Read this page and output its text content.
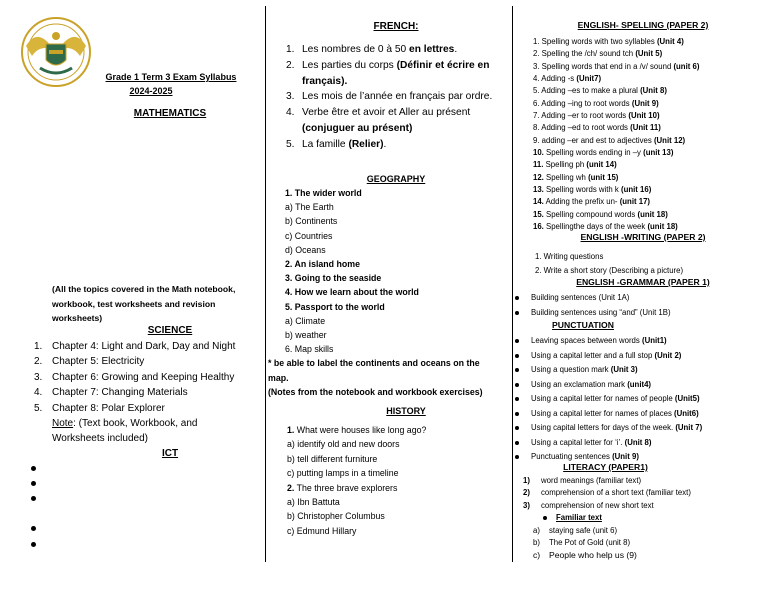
Grade 1 Term 3 Exam Syllabus
2024-2025
MATHEMATICS
(All the topics covered in the Math notebook,
workbook, test worksheets and revision
worksheets)
SCIENCE
1. Chapter 4: Light and Dark, Day and Night
2. Chapter 5: Electricity
3. Chapter 6: Growing and Keeping Healthy
4. Chapter 7: Changing Materials
5. Chapter 8: Polar Explorer
Note : (Text book, Workbook, and
Worksheets included)
ICT
FRENCH:
1. Les nombres de 0 à 50 en lettres .
2. Les parties du corps (Définir et écrire en
français).
3. Les mois de l’année en français par ordre.
4. Verbe être et avoir et Aller au présent
(conjuguer au présent)
5. La famille (Relier) .
GEOGRAPHY
1. The wider world
a) The Earth
b) Continents
c) Countries
d) Oceans
2. An island home
3. Going to the seaside
4. How we learn about the world
5. Passport to the world
a) Climate
b) weather
6. Map skills
* be able to label the continents and oceans on the
map.
(Notes from the notebook and workbook exercises)
HISTORY
1. What were houses like long ago?
a) identify old and new doors
b) tell different furniture
c) putting lamps in a timeline
2. The three brave explorers
a) Ibn Battuta
b) Christopher Columbus
c) Edmund Hillary
ENGLISH- SPELLING (PAPER 2)
1. Spelling words with two syllables (Unit 4)
2. Spelling the /ch/ sound tch (Unit 5)
3. Spelling words that end in a /v/ sound (unit 6)
4. Adding -s (Unit7)
5. Adding –es to make a plural (Unit 8)
6. Adding –ing to root words (Unit 9)
7. Adding –er to root words (Unit 10)
8. Adding –ed to root words (Unit 11)
9. adding –er and est to adjectives (Unit 12)
10. Spelling words ending in –y (unit 13)
11. Spelling ph (unit 14)
12. Spelling wh (unit 15)
13. Spelling words with k (unit 16)
14. Adding the prefix un- (unit 17)
15. Spelling compound words (unit 18)
16. Spellingthe days of the week (unit 18)
ENGLISH -WRITING (PAPER 2)
1. Writing questions
2. Write a short story (Describing a picture)
ENGLISH -GRAMMAR (PAPER 1)
Building sentences (Unit 1A)
Building sentences using “and” (Unit 1B)
PUNCTUATION
Leaving spaces between words (Unit1)
Using a capital letter and a full stop (Unit 2)
Using a question mark (Unit 3)
Using an exclamation mark (unit4)
Using a capital letter for names of people (Unit5)
Using a capital letter for names of places (Unit6)
Using capital letters for days of the week. (Unit 7)
Using a capital letter for ‘i’. (Unit 8)
Punctuating sentences (Unit 9)
LITERACY (PAPER1)
1)	word meanings (familiar text)
2)	comprehension of a short text (familiar text)
3)	comprehension of new short text
Familiar text
a)	staying safe (unit 6)
b)	The Pot of Gold (unit 8)
c)	People who help us (9)
